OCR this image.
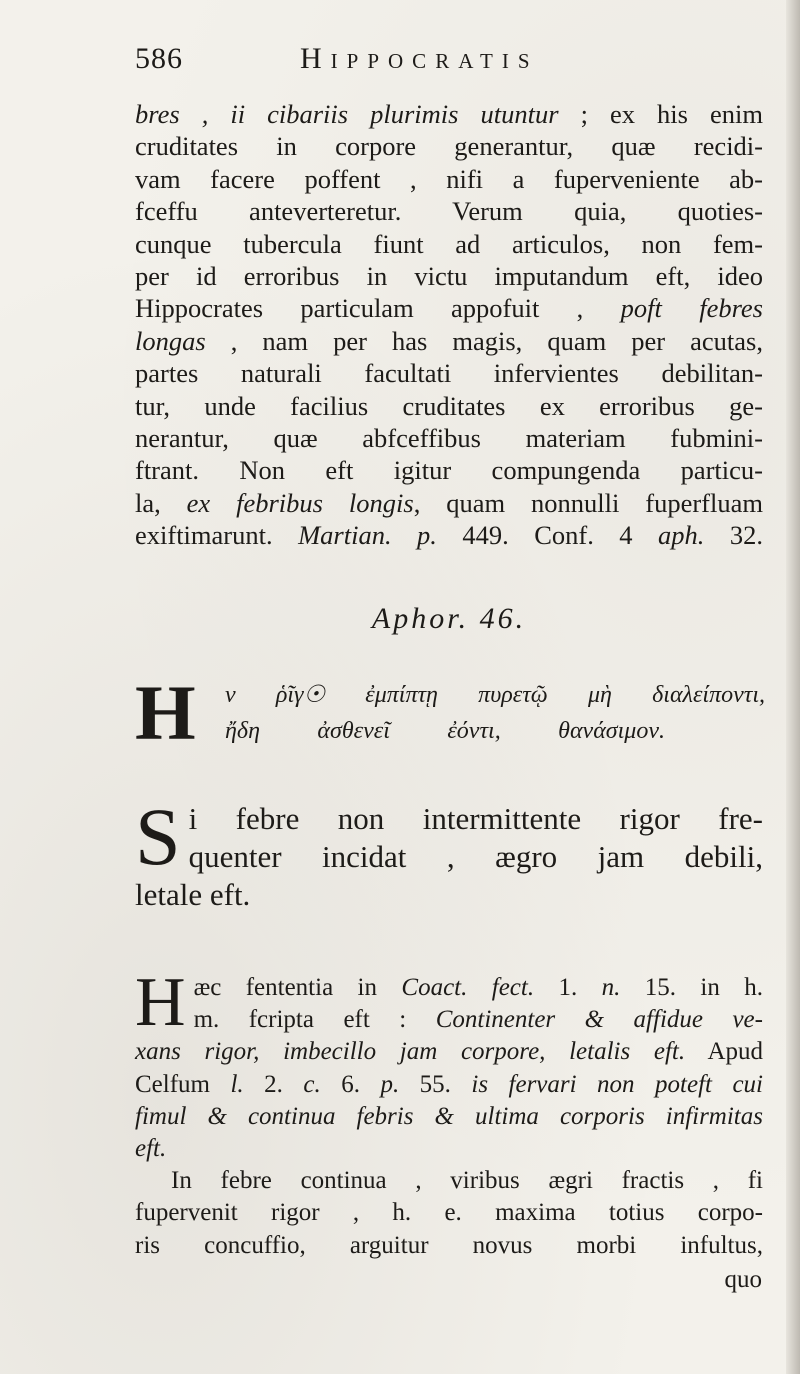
586	Hippocratis
bres , ii cibariis plurimis utuntur ; ex his enim
cruditates in corpore generantur, quæ recidi-
vam facere poffent , nifi a fuperveniente ab-
fceffu anteverteretur. Verum quia, quoties-
cunque tubercula fiunt ad articulos, non fem-
per id erroribus in victu imputandum eft, ideo
Hippocrates particulam appofuit , poft febres
longas , nam per has magis, quam per acutas,
partes naturali facultati infervientes debilitan-
tur, unde facilius cruditates ex erroribus ge-
nerantur, quæ abfceffibus materiam fubmini-
ftrant. Non eft igitur compungenda particu-
la, ex febribus longis, quam nonnulli fuperfluam
exiftimarunt. Martian. p. 449. Conf. 4 aph. 32.
Aphor. 46.
Η ν ῥῖγ☉ ἐμπίπτῃ πυρετῷ μὴ διαλείποντι,
ἤδη ἀσθενεῖ ἐόντι, θανάσιμον.
S i febre non intermittente rigor fre-
quenter incidat , ægro jam debili,
letale eft.
H æc fententia in Coact. fect. 1. n. 15. in h.
m. fcripta eft : Continenter & affidue ve-
xans rigor, imbecillo jam corpore, letalis eft. Apud
Celfum l. 2. c. 6. p. 55. is fervari non poteft cui
fimul & continua febris & ultima corporis infirmitas
eft.
In febre continua , viribus ægri fractis , fi
fupervenit rigor , h. e. maxima totius corpo-
ris concuffio, arguitur novus morbi infultus,
quo
